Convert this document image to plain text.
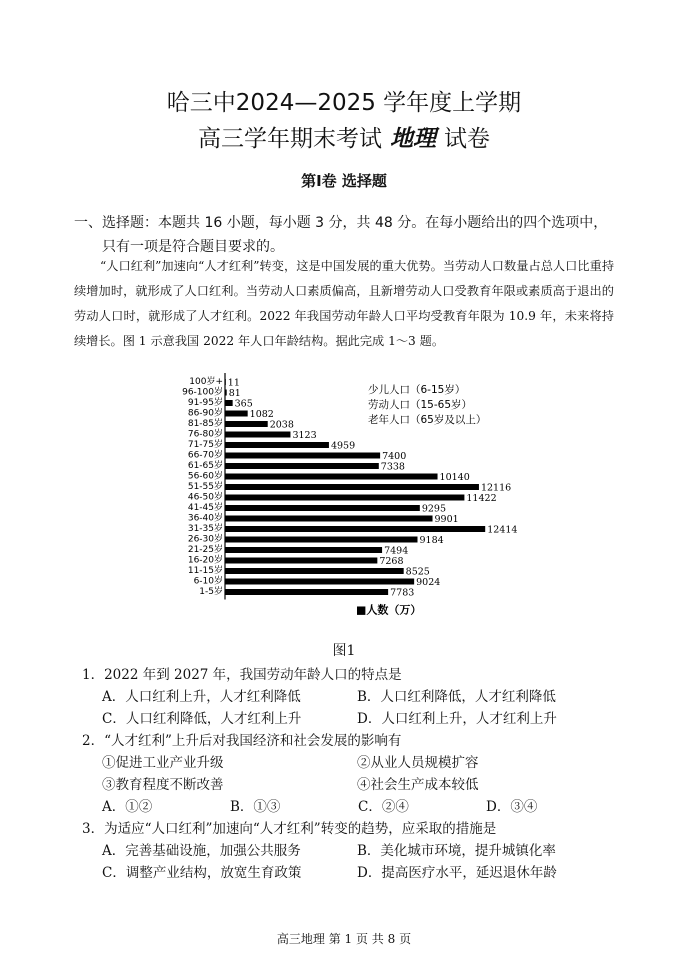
哈三中2024—2025 学年度上学期
高三学年期末考试 地理 试卷
第Ⅰ卷 选择题
一、选择题：本题共 16 小题，每小题 3 分，共 48 分。在每小题给出的四个选项中，
只有一项是符合题目要求的。

“人口红利”加速向“人才红利”转变，这是中国发展的重大优势。当劳动人口数量占总人口比重持续增加时，就形成了人口红利。当劳动人口素质偏高，且新增劳动人口受教育年限或素质高于退出的劳动人口时，就形成了人才红利。2022 年我国劳动年龄人口平均受教育年限为 10.9 年，未来将持续增长。图 1 示意我国 2022 年人口年龄结构。据此完成 1～3 题。

100岁+ 11
96-100岁 81
91-95岁 365
86-90岁	1082
81-85岁	2038
76-80岁	3123
71-75岁	4959
66-70岁	7400
61-65岁	7338
56-60岁	10140
51-55岁	12116
46-50岁	11422
41-45岁	9295
36-40岁	9901
31-35岁	12414
26-30岁	9184
21-25岁	7494
16-20岁	7268
11-15岁	8525
6-10岁	9024
1-5岁	7783
少儿人口（6-15岁）
劳动人口（15-65岁）
老年人口（65岁及以上）
■人数（万）
图1
1．2022 年到 2027 年，我国劳动年龄人口的特点是
A．人口红利上升，人才红利降低	B．人口红利降低，人才红利降低
C．人口红利降低，人才红利上升	D．人口红利上升，人才红利上升
2．“人才红利”上升后对我国经济和社会发展的影响有
①促进工业产业升级	②从业人员规模扩容
③教育程度不断改善	④社会生产成本较低
A．①②	B．①③	C．②④	D．③④
3．为适应“人口红利”加速向“人才红利”转变的趋势，应采取的措施是
A．完善基础设施，加强公共服务	B．美化城市环境，提升城镇化率
C．调整产业结构，放宽生育政策	D．提高医疗水平，延迟退休年龄
高三地理 第 1 页 共 8 页
